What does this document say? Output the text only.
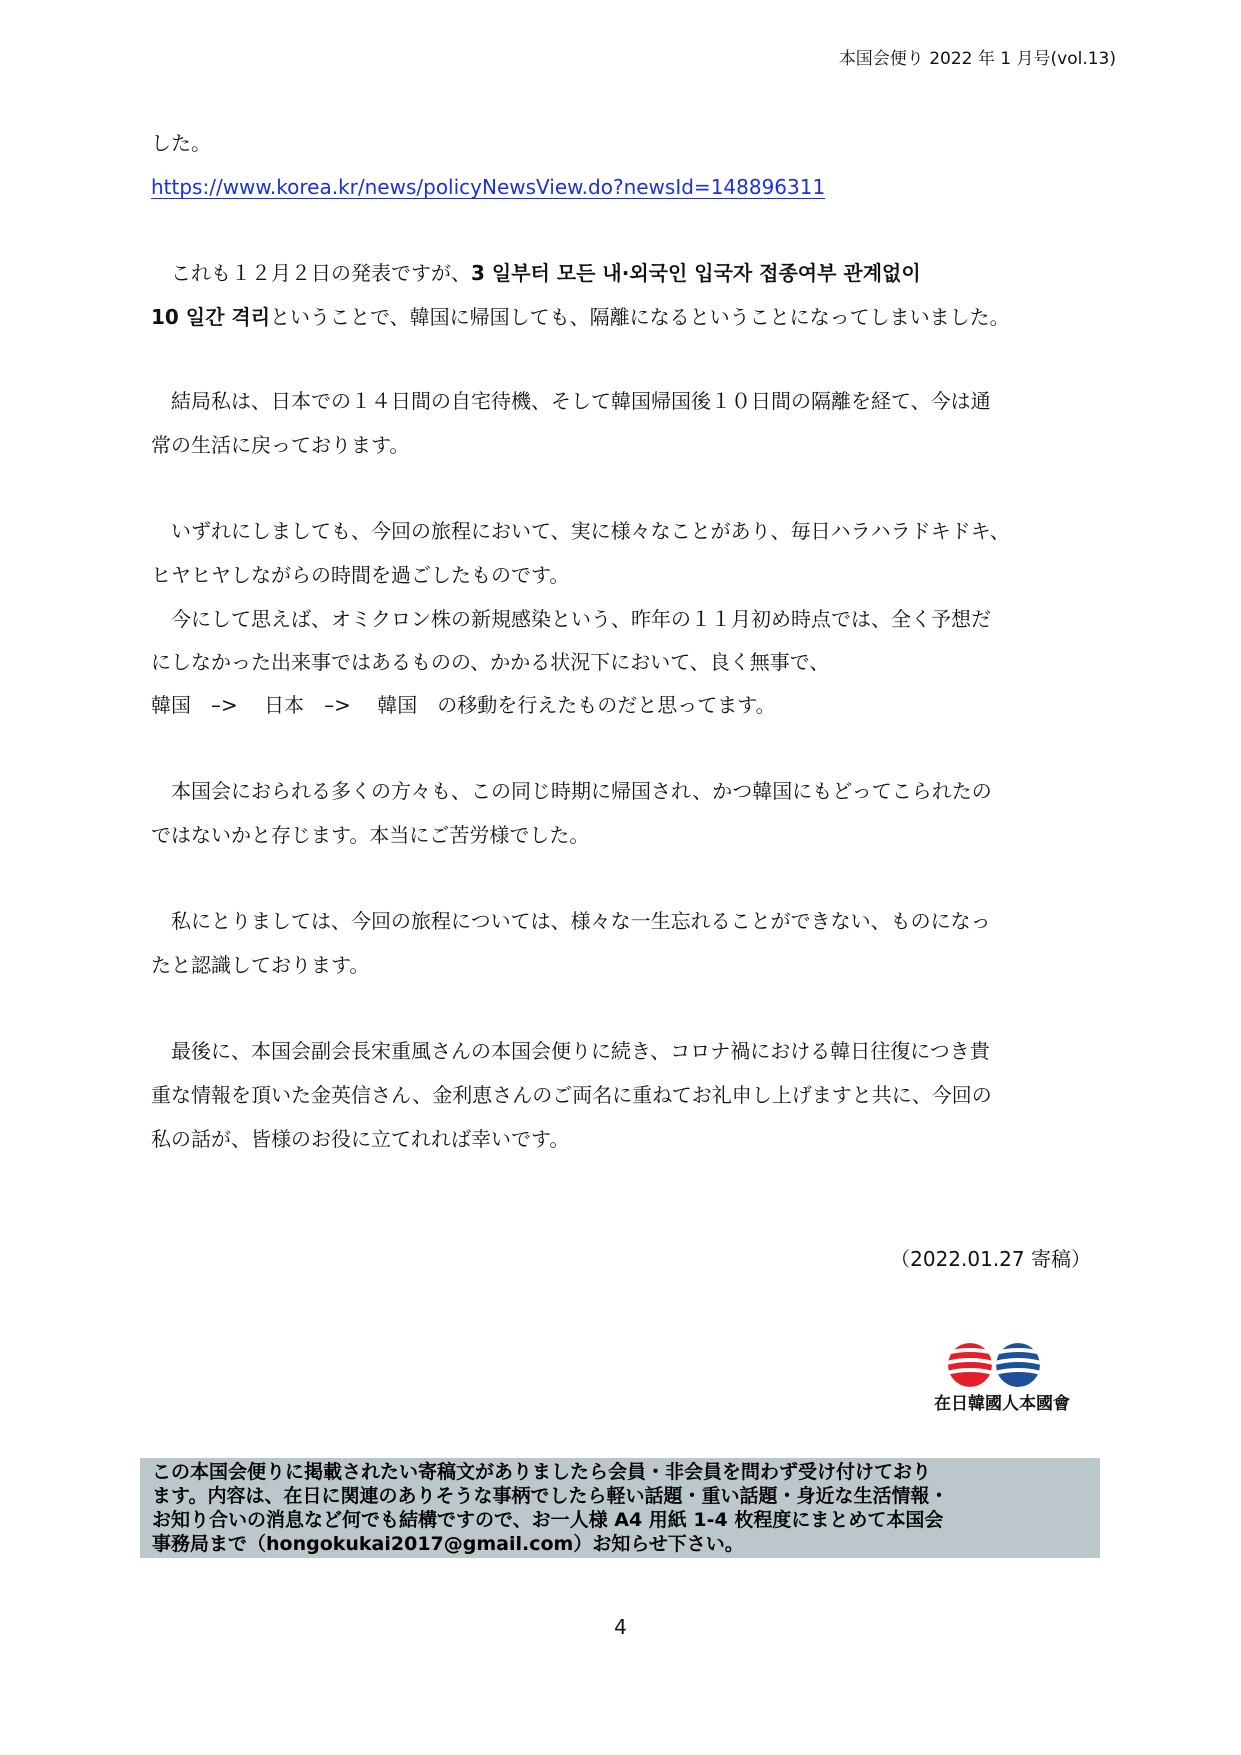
本国会便り 2022 年 1 月号(vol.13)
した。
https://www.korea.kr/news/policyNewsView.do?newsId=148896311
　これも１２月２日の発表ですが、3 일부터 모든 내·외국인 입국자 접종여부 관계없이
10 일간 격리ということで、韓国に帰国しても、隔離になるということになってしまいました。
　結局私は、日本での１４日間の自宅待機、そして韓国帰国後１０日間の隔離を経て、今は通
常の生活に戻っております。
　いずれにしましても、今回の旅程において、実に様々なことがあり、毎日ハラハラドキドキ、
ヒヤヒヤしながらの時間を過ごしたものです。
　今にして思えば、オミクロン株の新規感染という、昨年の１１月初め時点では、全く予想だ
にしなかった出来事ではあるものの、かかる状況下において、良く無事で、
韓国　–>　 日本　–>　 韓国　の移動を行えたものだと思ってます。
　本国会におられる多くの方々も、この同じ時期に帰国され、かつ韓国にもどってこられたの
ではないかと存じます。本当にご苦労様でした。
　私にとりましては、今回の旅程については、様々な一生忘れることができない、ものになっ
たと認識しております。
　最後に、本国会副会長宋重風さんの本国会便りに続き、コロナ禍における韓日往復につき貴
重な情報を頂いた金英信さん、金利恵さんのご両名に重ねてお礼申し上げますと共に、今回の
私の話が、皆様のお役に立てれれば幸いです。
（2022.01.27 寄稿）
在日韓國人本國會
この本国会便りに掲載されたい寄稿文がありましたら会員・非会員を問わず受け付けており
ます。内容は、在日に関連のありそうな事柄でしたら軽い話題・重い話題・身近な生活情報・
お知り合いの消息など何でも結構ですので、お一人様 A4 用紙 1-4 枚程度にまとめて本国会
事務局まで（hongokukai2017@gmail.com）お知らせ下さい。
4
